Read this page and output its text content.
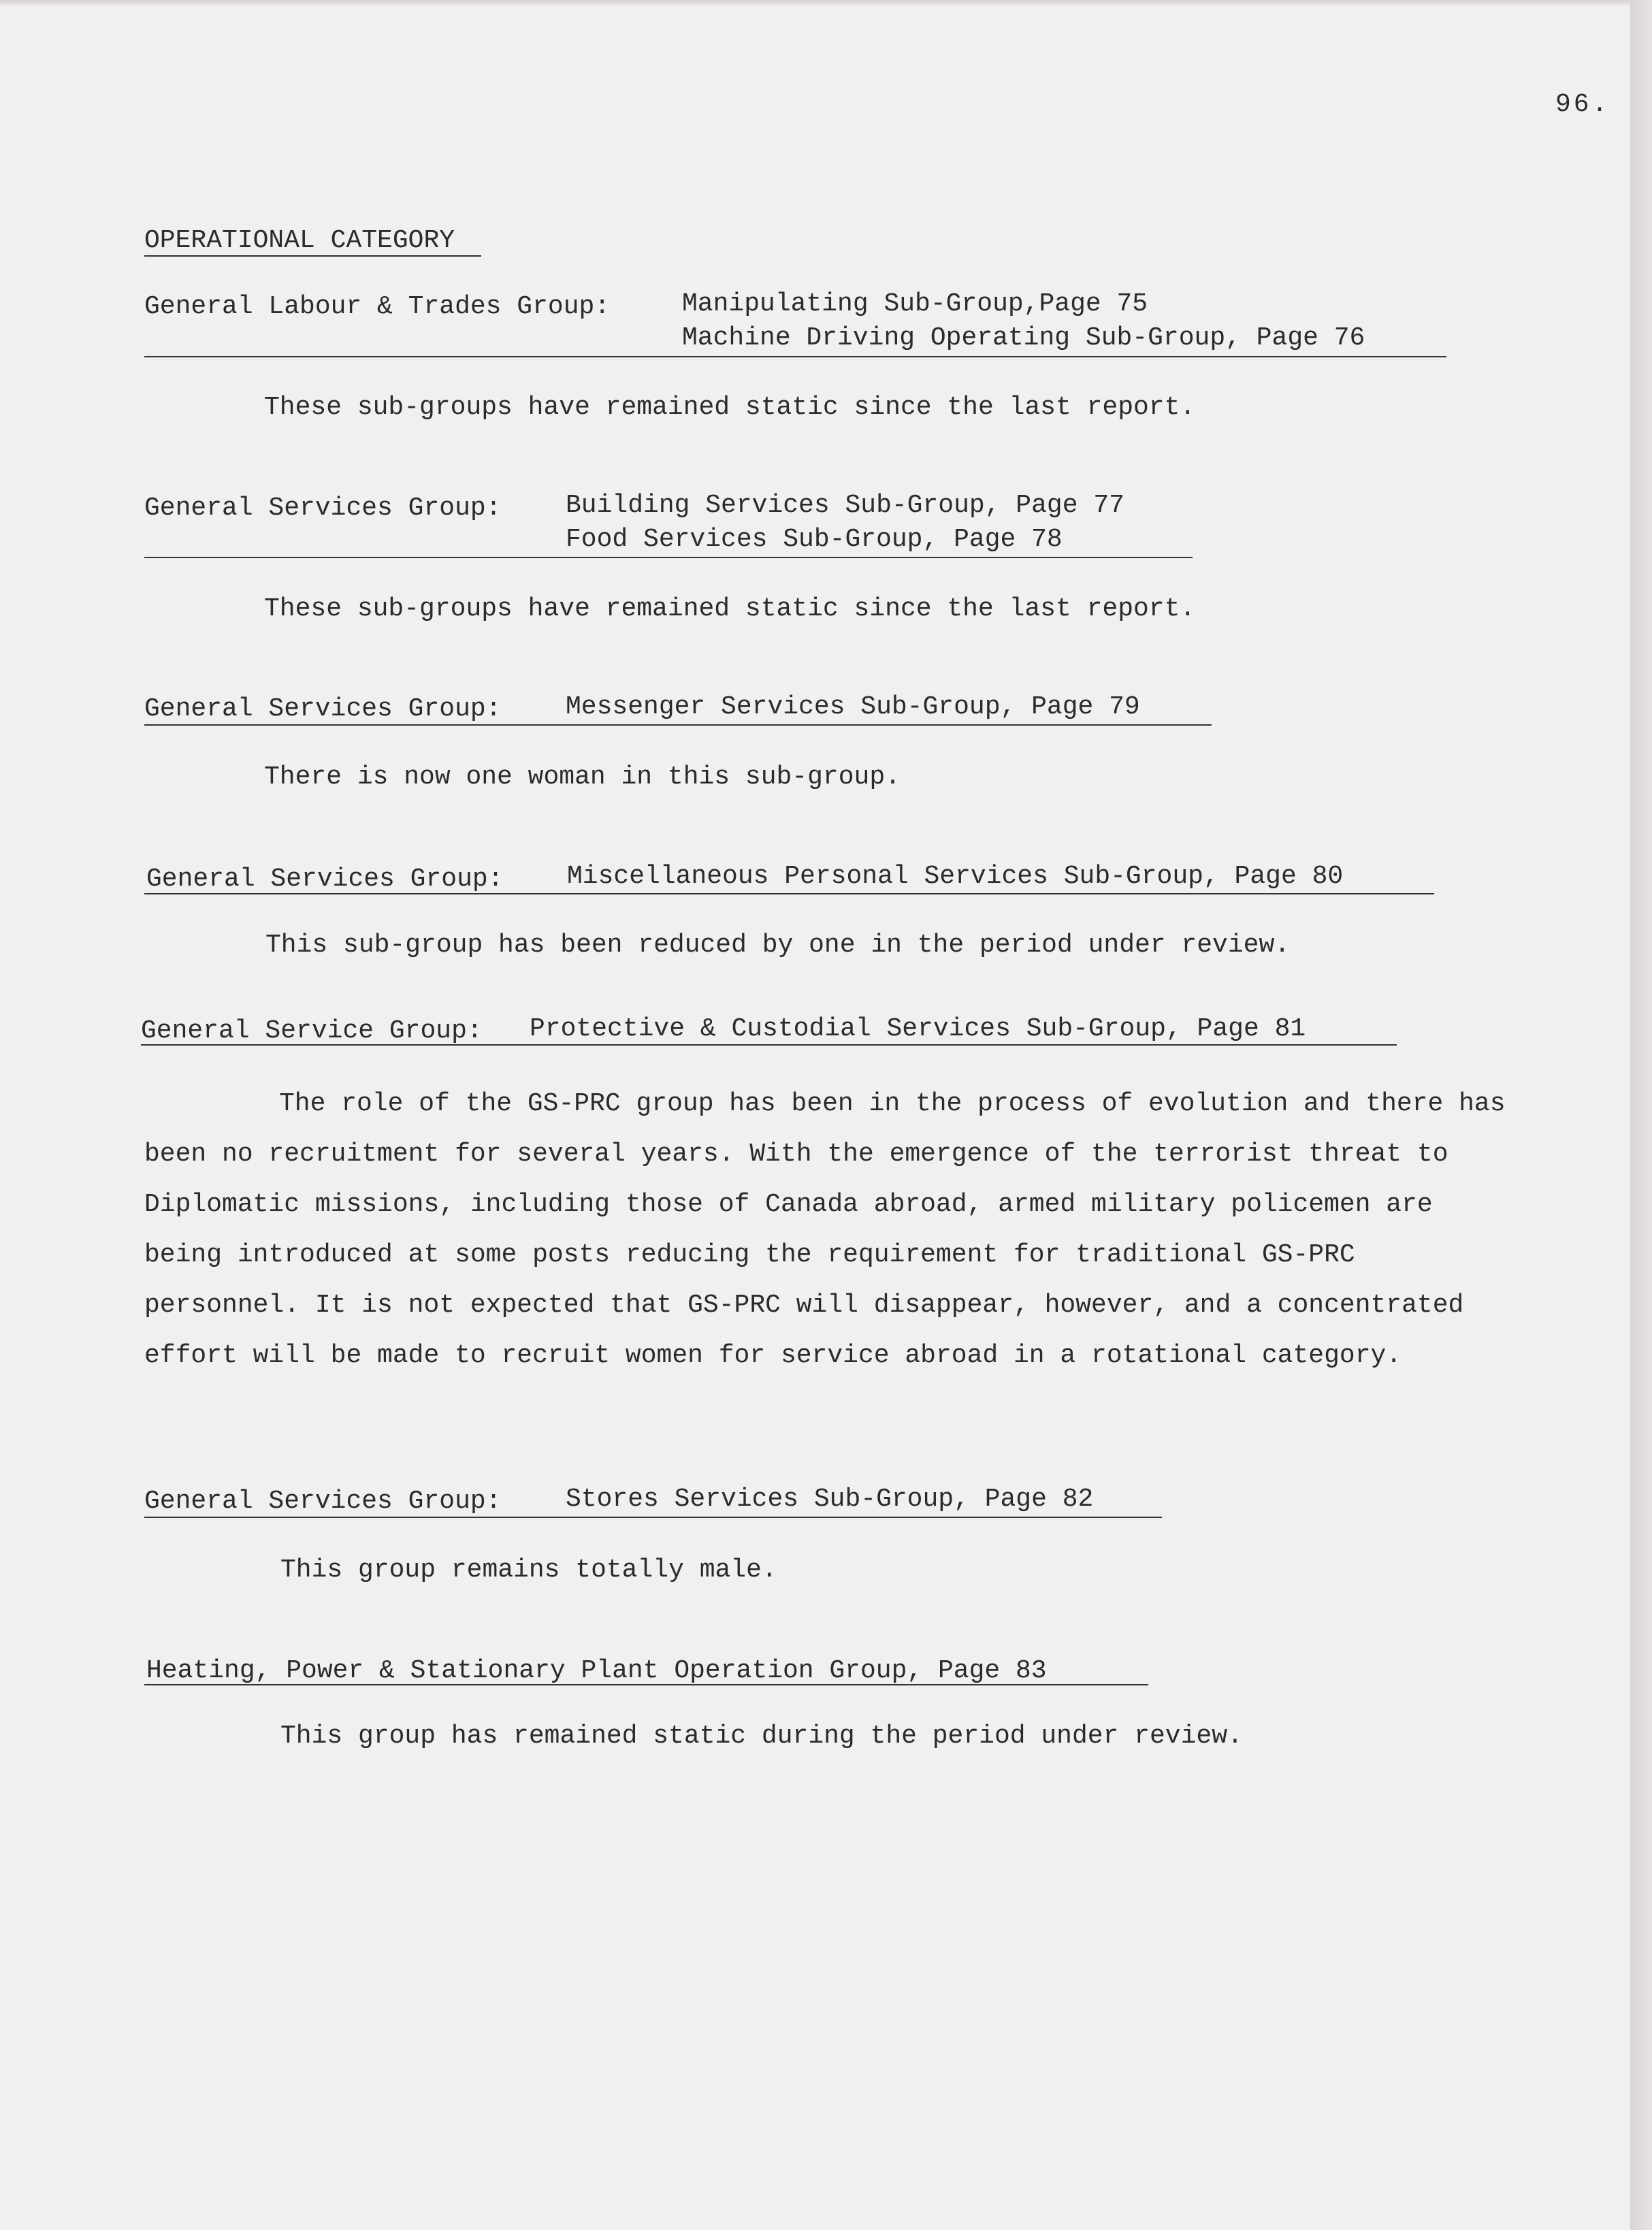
96.
OPERATIONAL CATEGORY
General Labour & Trades Group:	Manipulating Sub-Group,Page 75
Machine Driving Operating Sub-Group, Page 76
These sub-groups have remained static since the last report.
General Services Group: Building Services Sub-Group, Page 77
Food Services Sub-Group, Page 78
These sub-groups have remained static since the last report.
General Services Group: Messenger Services Sub-Group, Page 79
There is now one woman in this sub-group.
General Services Group: Miscellaneous Personal Services Sub-Group, Page 80
This sub-group has been reduced by one in the period under review.
General Service Group: Protective & Custodial Services Sub-Group, Page 81
The role of the GS-PRC group has been in the process of evolution and there has been no recruitment for several years. With the emergence of the terrorist threat to Diplomatic missions, including those of Canada abroad, armed military policemen are being introduced at some posts reducing the requirement for traditional GS-PRC personnel. It is not expected that GS-PRC will disappear, however, and a concentrated effort will be made to recruit women for service abroad in a rotational category.
General Services Group: Stores Services Sub-Group, Page 82
This group remains totally male.
Heating, Power & Stationary Plant Operation Group, Page 83
This group has remained static during the period under review.
